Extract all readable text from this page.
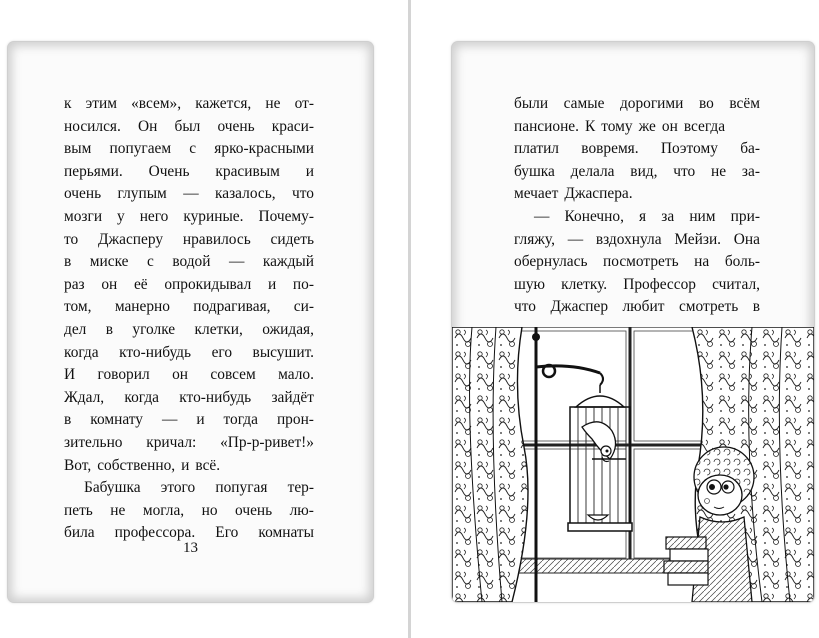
к этим «всем», кажется, не от-
носился. Он был очень краси-
вым попугаем с ярко-красными
перьями. Очень красивым и
очень глупым — казалось, что
мозги у него куриные. Почему-
то Джасперу нравилось сидеть
в миске с водой — каждый
раз он её опрокидывал и по-
том, манерно подрагивая, си-
дел в уголке клетки, ожидая,
когда кто-нибудь его высушит.
И говорил он совсем мало.
Ждал, когда кто-нибудь зайдёт
в комнату — и тогда прон-
зительно кричал: «Пр-р-ривет!»
Вот, собственно, и всё.
Бабушка этого попугая тер-
петь не могла, но очень лю-
била профессора. Его комнаты
13
были самые дорогими во всём
пансионе. К тому же он всегда
платил вовремя. Поэтому ба-
бушка делала вид, что не за-
мечает Джаспера.
— Конечно, я за ним при-
гляжу, — вздохнула Мейзи. Она
обернулась посмотреть на боль-
шую клетку. Профессор считал,
что Джаспер любит смотреть в
